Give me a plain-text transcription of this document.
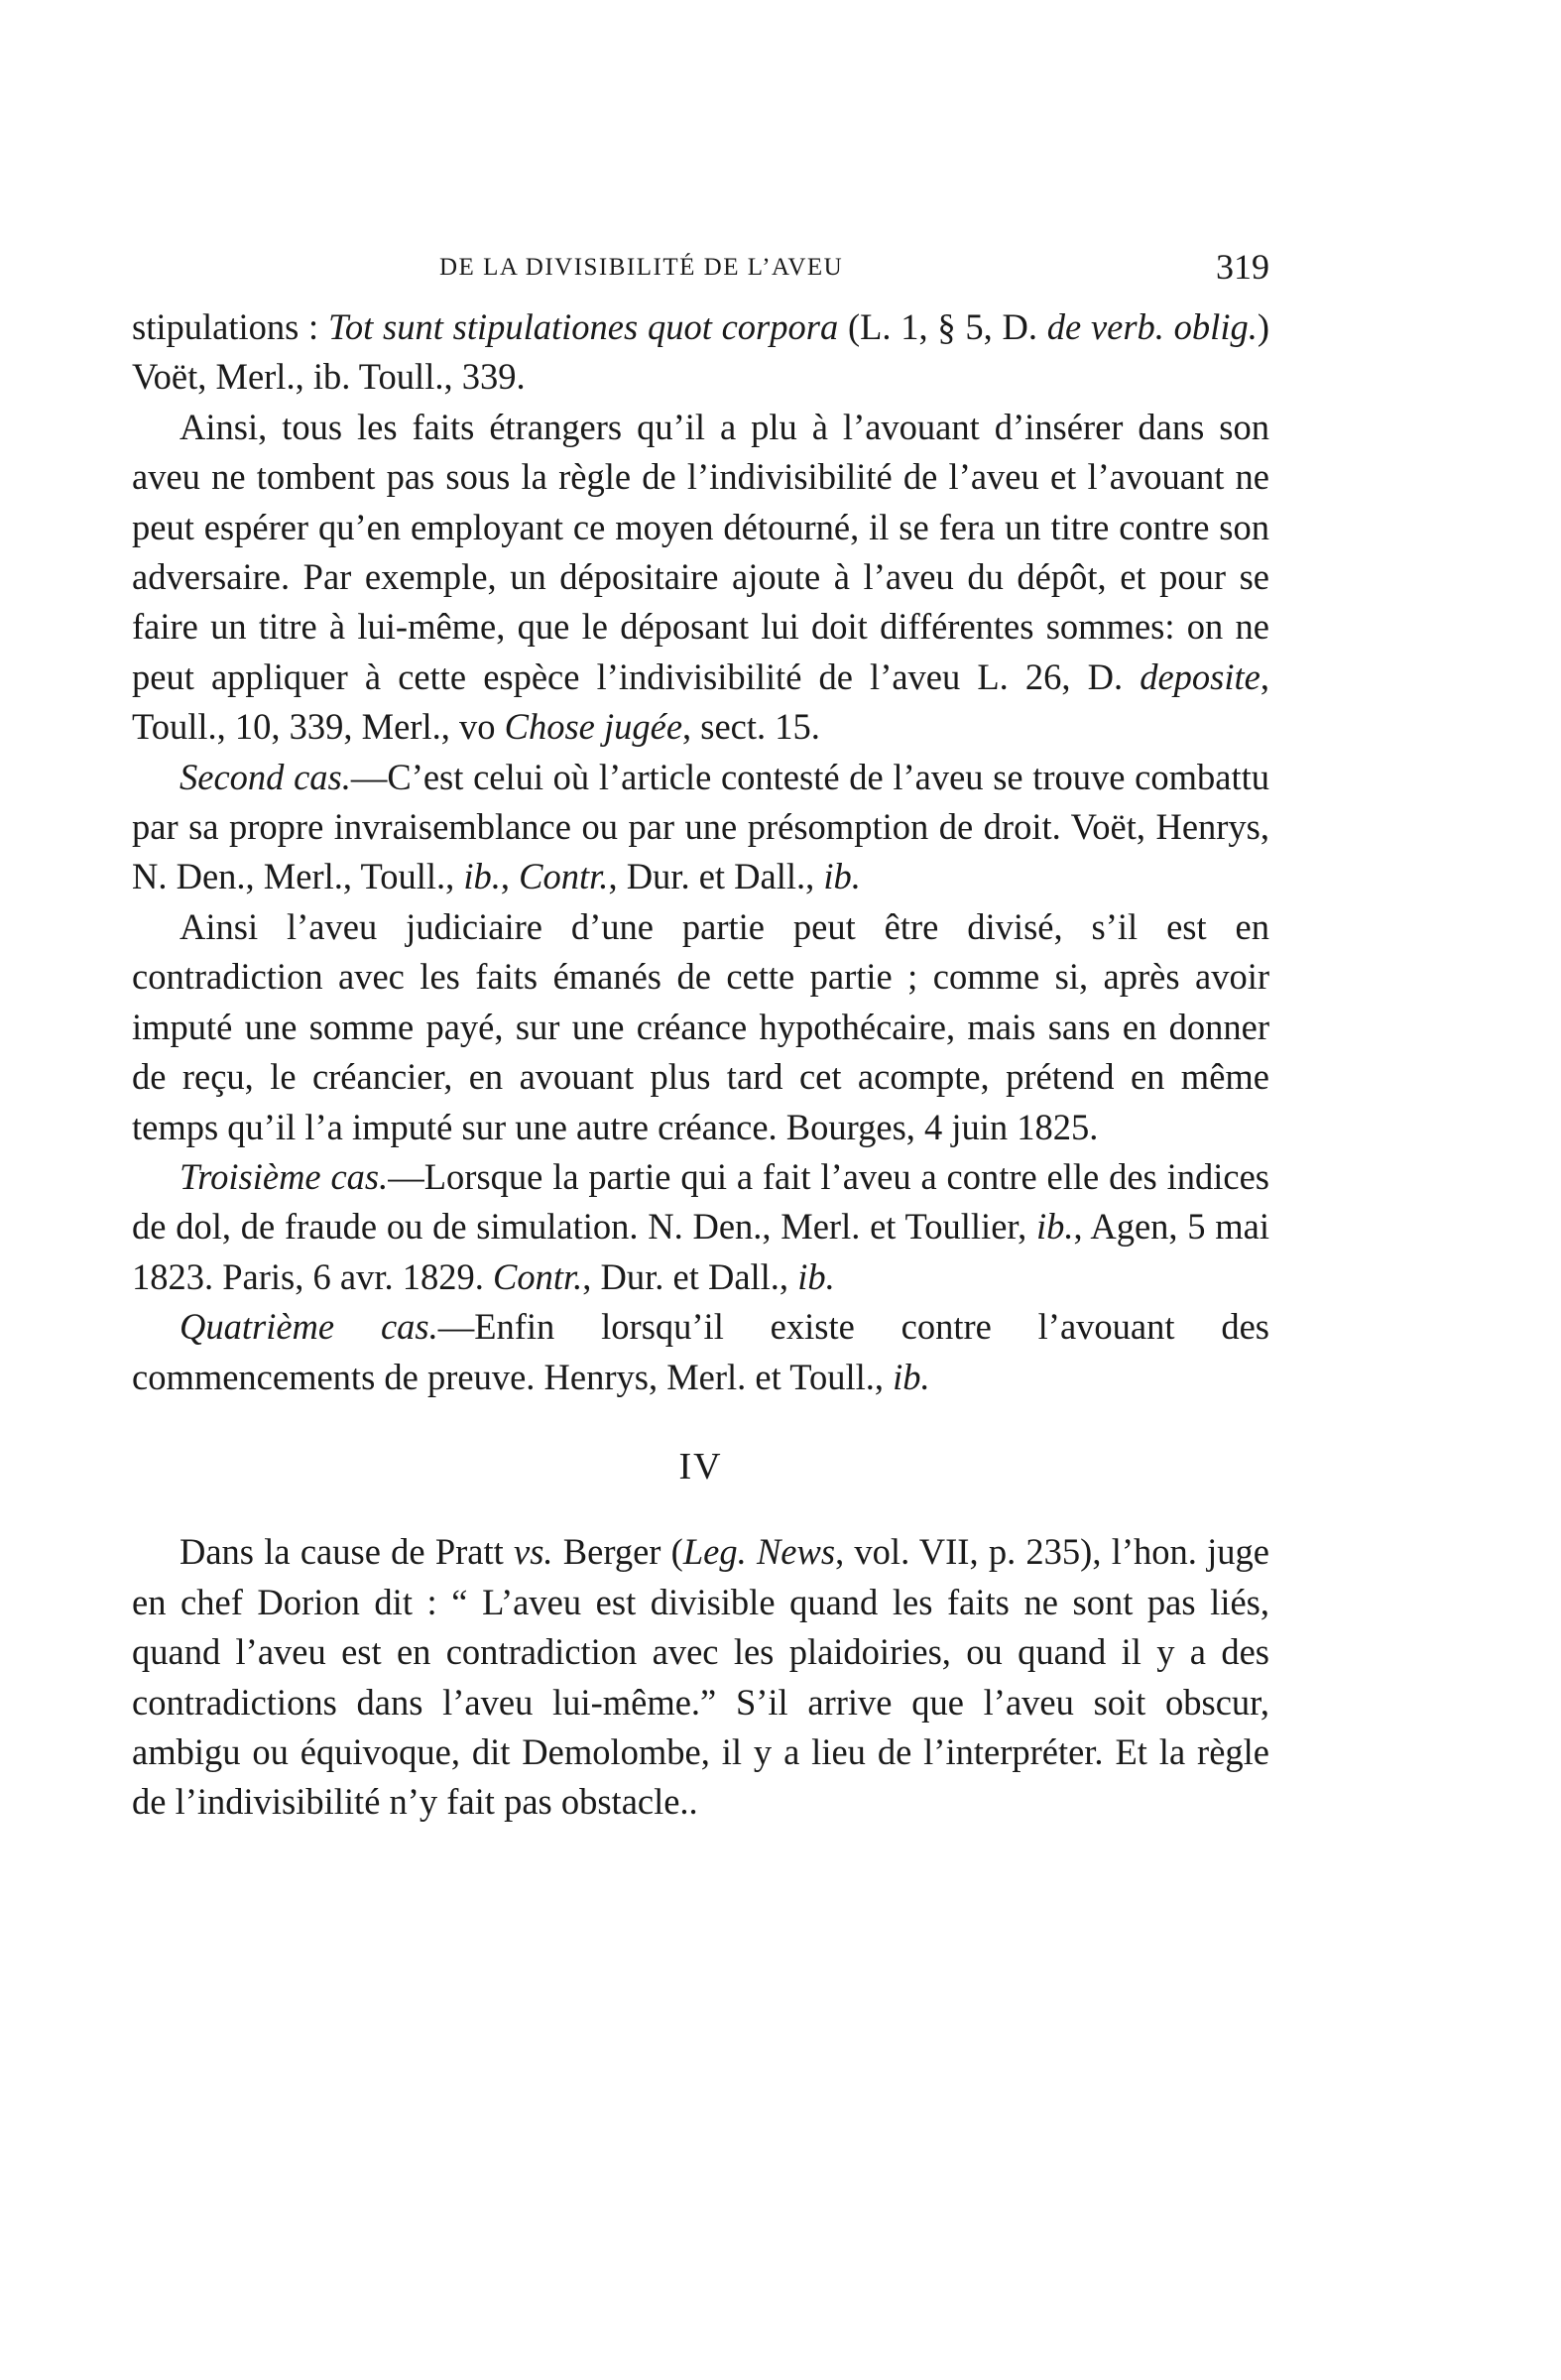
DE LA DIVISIBILITÉ DE L’AVEU	319

stipulations : Tot sunt stipulationes quot corpora (L. 1, § 5, D. de verb. oblig.) Voët, Merl., ib. Toull., 339.

Ainsi, tous les faits étrangers qu’il a plu à l’avouant d’insérer dans son aveu ne tombent pas sous la règle de l’indivisibilité de l’aveu et l’avouant ne peut espérer qu’en employant ce moyen détourné, il se fera un titre contre son adversaire. Par exemple, un dépositaire ajoute à l’aveu du dépôt, et pour se faire un titre à lui-même, que le déposant lui doit différentes sommes: on ne peut appliquer à cette espèce l’indivisibilité de l’aveu L. 26, D. deposite, Toull., 10, 339, Merl., vo Chose jugée, sect. 15.

Second cas.—C’est celui où l’article contesté de l’aveu se trouve combattu par sa propre invraisemblance ou par une présomption de droit. Voët, Henrys, N. Den., Merl., Toull., ib., Contr., Dur. et Dall., ib.

Ainsi l’aveu judiciaire d’une partie peut être divisé, s’il est en contradiction avec les faits émanés de cette partie ; comme si, après avoir imputé une somme payé, sur une créance hypothécaire, mais sans en donner de reçu, le créancier, en avouant plus tard cet acompte, prétend en même temps qu’il l’a imputé sur une autre créance. Bourges, 4 juin 1825.

Troisième cas.—Lorsque la partie qui a fait l’aveu a contre elle des indices de dol, de fraude ou de simulation. N. Den., Merl. et Toullier, ib., Agen, 5 mai 1823. Paris, 6 avr. 1829. Contr., Dur. et Dall., ib.

Quatrième cas.—Enfin lorsqu’il existe contre l’avouant des commencements de preuve. Henrys, Merl. et Toull., ib.

IV

Dans la cause de Pratt vs. Berger (Leg. News, vol. VII, p. 235), l’hon. juge en chef Dorion dit : “ L’aveu est divisible quand les faits ne sont pas liés, quand l’aveu est en contradiction avec les plaidoiries, ou quand il y a des contradictions dans l’aveu lui-même.” S’il arrive que l’aveu soit obscur, ambigu ou équivoque, dit Demolombe, il y a lieu de l’interpréter. Et la règle de l’indivisibilité n’y fait pas obstacle..
